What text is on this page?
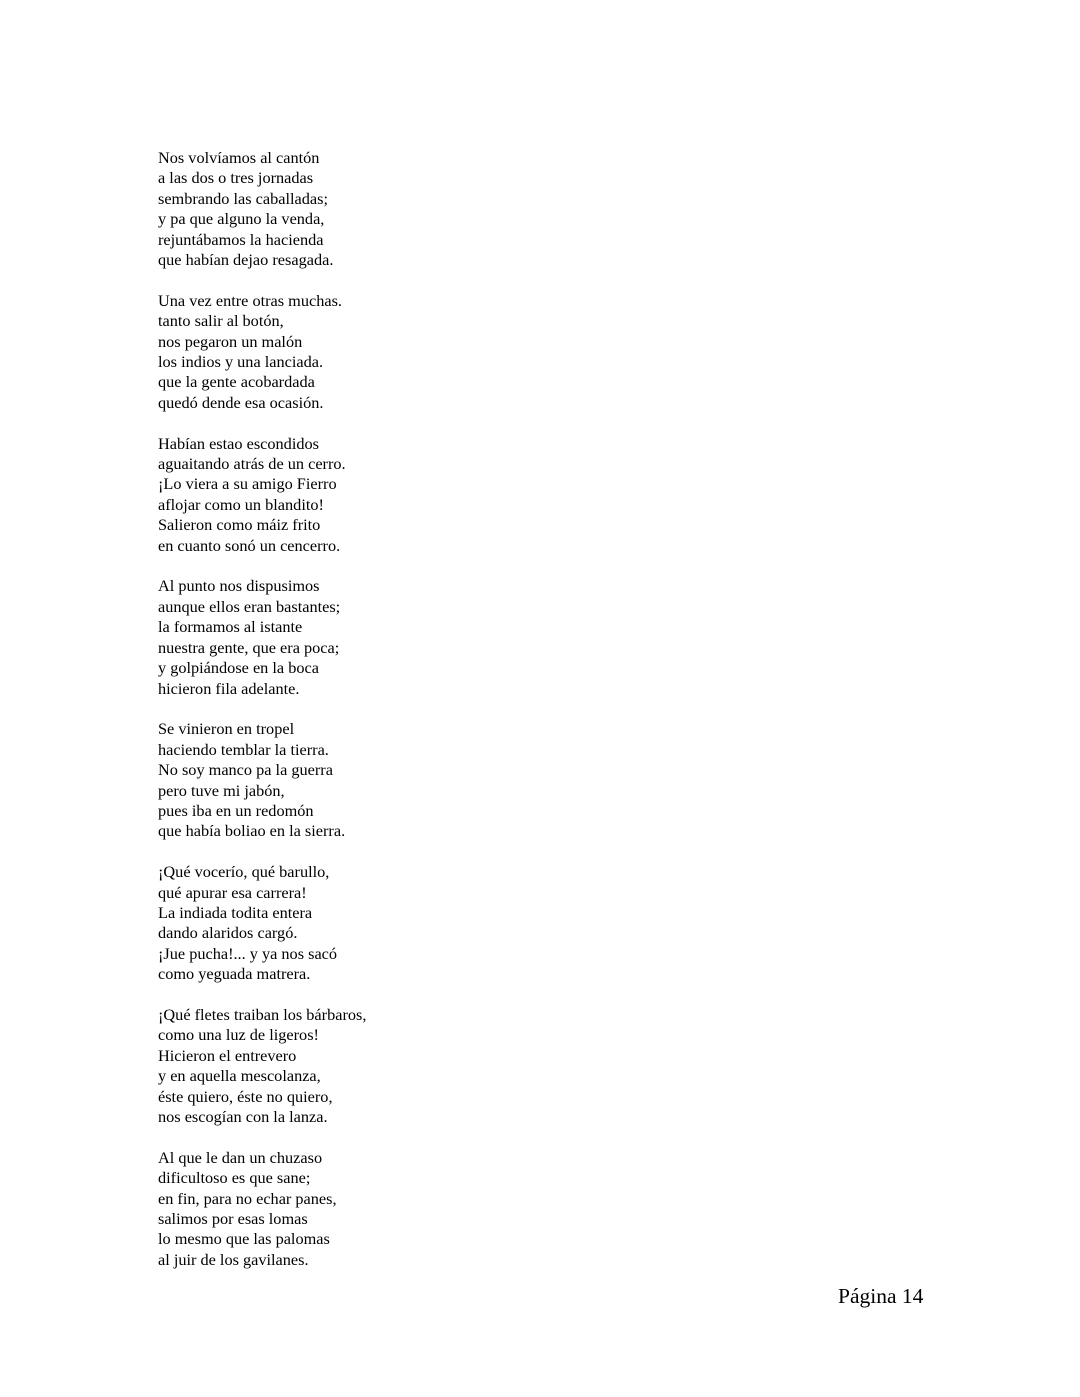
Nos volvíamos al cantón
a las dos o tres jornadas
sembrando las caballadas;
y pa que alguno la venda,
rejuntábamos la hacienda
que habían dejao resagada.
Una vez entre otras muchas.
tanto salir al botón,
nos pegaron un malón
los indios y una lanciada.
que la gente acobardada
quedó dende esa ocasión.
Habían estao escondidos
aguaitando atrás de un cerro.
¡Lo viera a su amigo Fierro
aflojar como un blandito!
Salieron como máiz frito
en cuanto sonó un cencerro.
Al punto nos dispusimos
aunque ellos eran bastantes;
la formamos al istante
nuestra gente, que era poca;
y golpiándose en la boca
hicieron fila adelante.
Se vinieron en tropel
haciendo temblar la tierra.
No soy manco pa la guerra
pero tuve mi jabón,
pues iba en un redomón
que había boliao en la sierra.
¡Qué vocerío, qué barullo,
qué apurar esa carrera!
La indiada todita entera
dando alaridos cargó.
¡Jue pucha!... y ya nos sacó
como yeguada matrera.
¡Qué fletes traiban los bárbaros,
como una luz de ligeros!
Hicieron el entrevero
y en aquella mescolanza,
éste quiero, éste no quiero,
nos escogían con la lanza.
Al que le dan un chuzaso
dificultoso es que sane;
en fin, para no echar panes,
salimos por esas lomas
lo mesmo que las palomas
al juir de los gavilanes.
Página 14
